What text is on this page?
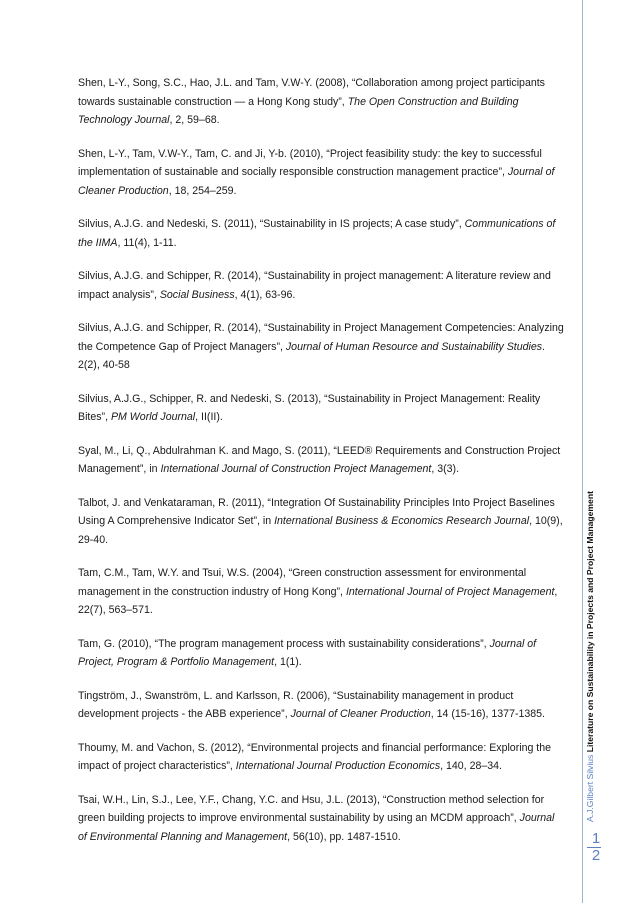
Shen, L-Y., Song, S.C., Hao, J.L. and Tam, V.W-Y. (2008), “Collaboration among project participants towards sustainable construction — a Hong Kong study”, The Open Construction and Building Technology Journal, 2, 59–68.

Shen, L-Y., Tam, V.W-Y., Tam, C. and Ji, Y-b. (2010), “Project feasibility study: the key to successful implementation of sustainable and socially responsible construction management practice”, Journal of Cleaner Production, 18, 254–259.

Silvius, A.J.G. and Nedeski, S. (2011), “Sustainability in IS projects; A case study”, Communications of the IIMA, 11(4), 1-11.

Silvius, A.J.G. and Schipper, R. (2014), “Sustainability in project management: A literature review and impact analysis”, Social Business, 4(1), 63-96.

Silvius, A.J.G. and Schipper, R. (2014), “Sustainability in Project Management Competencies: Analyzing the Competence Gap of Project Managers”, Journal of Human Resource and Sustainability Studies. 2(2), 40-58

Silvius, A.J.G., Schipper, R. and Nedeski, S. (2013), “Sustainability in Project Management: Reality Bites”, PM World Journal, II(II).

Syal, M., Li, Q., Abdulrahman K. and Mago, S. (2011), “LEED® Requirements and Construction Project Management”, in International Journal of Construction Project Management, 3(3).

Talbot, J. and Venkataraman, R. (2011), “Integration Of Sustainability Principles Into Project Baselines Using A Comprehensive Indicator Set”, in International Business & Economics Research Journal, 10(9), 29-40.

Tam, C.M., Tam, W.Y. and Tsui, W.S. (2004), “Green construction assessment for environmental management in the construction industry of Hong Kong”, International Journal of Project Management, 22(7), 563–571.

Tam, G. (2010), “The program management process with sustainability considerations”, Journal of Project, Program & Portfolio Management, 1(1).

Tingström, J., Swanström, L. and Karlsson, R. (2006), “Sustainability management in product development projects - the ABB experience”, Journal of Cleaner Production, 14 (15-16), 1377-1385.

Thoumy, M. and Vachon, S. (2012), “Environmental projects and financial performance: Exploring the impact of project characteristics”, International Journal Production Economics, 140, 28–34.

Tsai, W.H., Lin, S.J., Lee, Y.F., Chang, Y.C. and Hsu, J.L. (2013), “Construction method selection for green building projects to improve environmental sustainability by using an MCDM approach”, Journal of Environmental Planning and Management, 56(10), pp. 1487-1510.

A.J.Gilbert Silvius Literature on Sustainability in Projects and Project Management
1
2
